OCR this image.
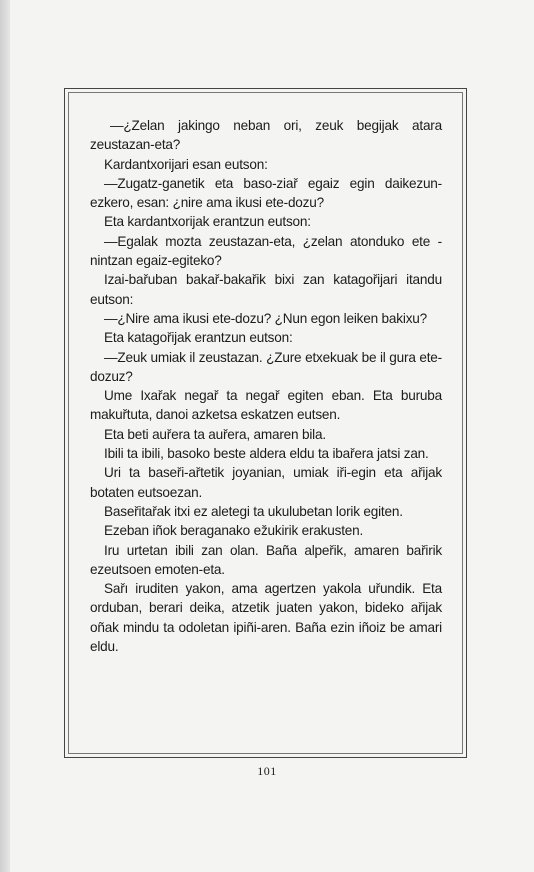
—¿Zelan jakingo neban ori, zeuk begijak atara zeustazan-eta?

Kardantxorijari esan eutson:

—Zugatz-ganetik eta baso-ziař egaiz egin daikezun-ezkero, esan: ¿nire ama ikusi ete-dozu?

Eta kardantxorijak erantzun eutson:

—Egalak mozta zeustazan-eta, ¿zelan atonduko ete -nintzan egaiz-egiteko?

Izai-bařuban bakař-bakařik bixi zan katagořijari itandu eutson:

—¿Nire ama ikusi ete-dozu? ¿Nun egon leiken bakixu?

Eta katagořijak erantzun eutson:

—Zeuk umiak il zeustazan. ¿Zure etxekuak be il gura ete-dozuz?

Ume Ixařak negař ta negař egiten eban. Eta buruba makuřtuta, danoi azketsa eskatzen eutsen.

Eta beti auřera ta auřera, amaren bila.

Ibili ta ibili, basoko beste aldera eldu ta ibařera jatsi zan.

Uri ta baseři-ařtetik joyanian, umiak iři-egin eta ařijak botaten eutsoezan.

Baseřitařak itxi ez aletegi ta ukulubetan lorik egiten.

Ezeban iñok beraganako ežukirik erakusten.

Iru urtetan ibili zan olan. Baña alpeřik, amaren bařirik ezeutsoen emoten-eta.

Sařı iruditen yakon, ama agertzen yakola uřundik. Eta orduban, berari deika, atzetik juaten yakon, bideko ařijak oñak mindu ta odoletan ipiñi-aren. Baña ezin iñoiz be amari eldu.

101
